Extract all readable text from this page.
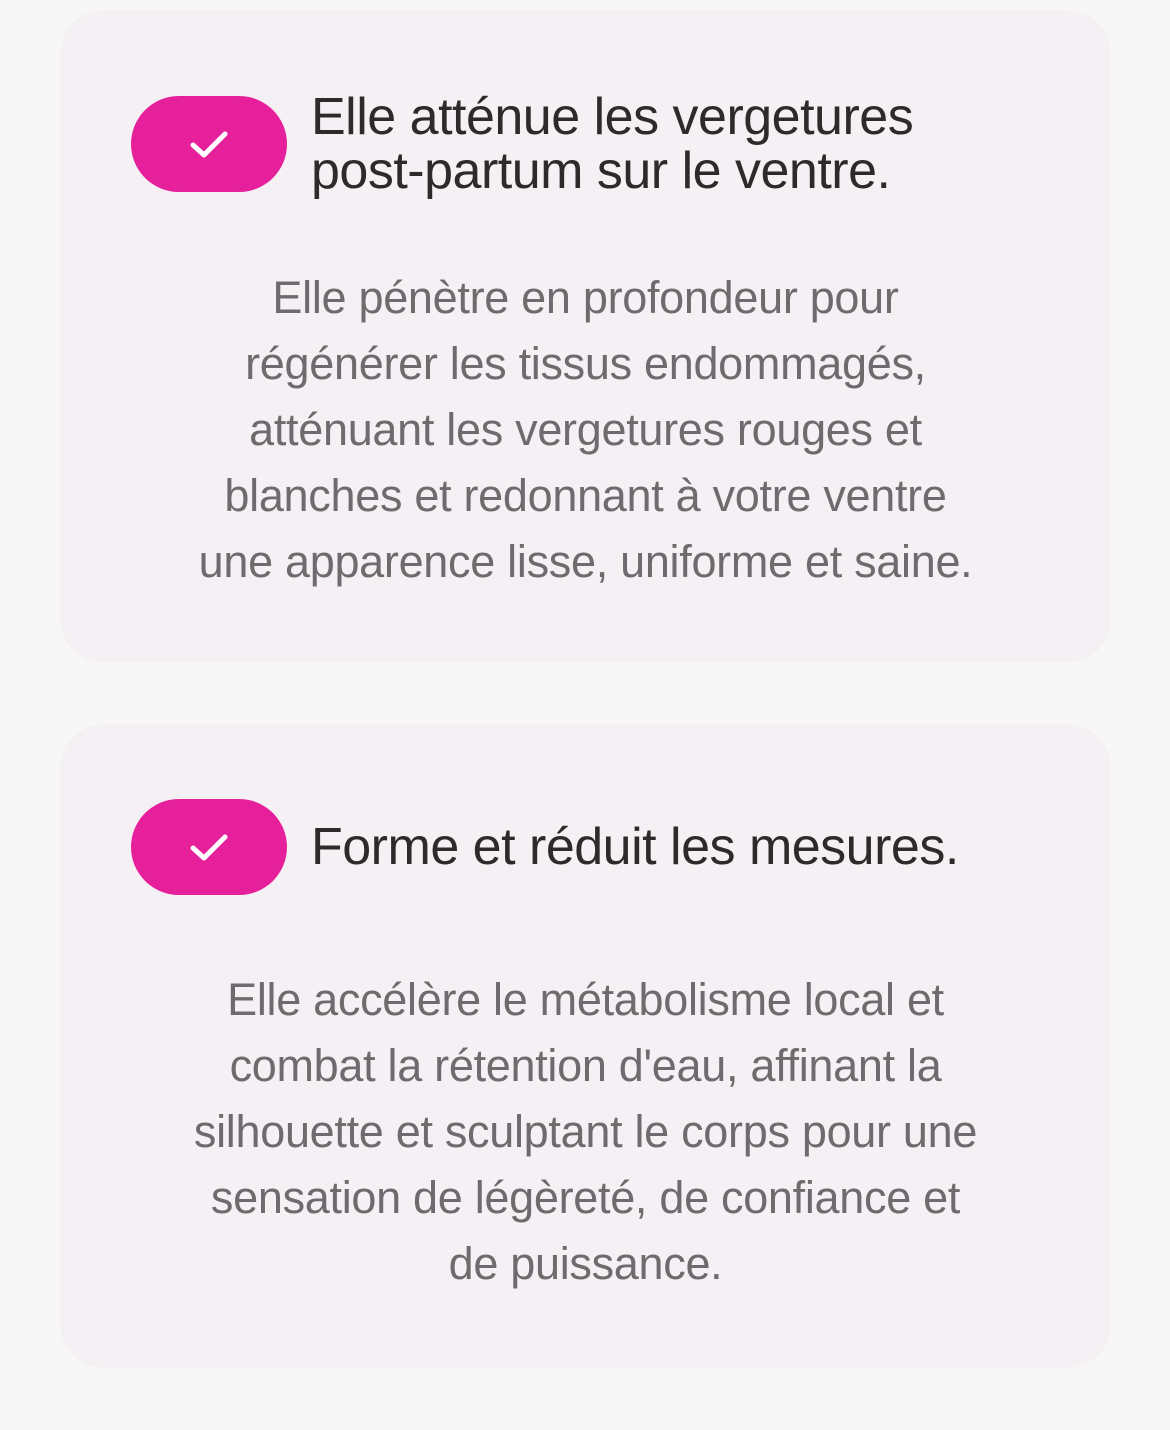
Elle atténue les vergetures
post-partum sur le ventre.
Elle pénètre en profondeur pour
régénérer les tissus endommagés,
atténuant les vergetures rouges et
blanches et redonnant à votre ventre
une apparence lisse, uniforme et saine.
Forme et réduit les mesures.
Elle accélère le métabolisme local et
combat la rétention d'eau, affinant la
silhouette et sculptant le corps pour une
sensation de légèreté, de confiance et
de puissance.
